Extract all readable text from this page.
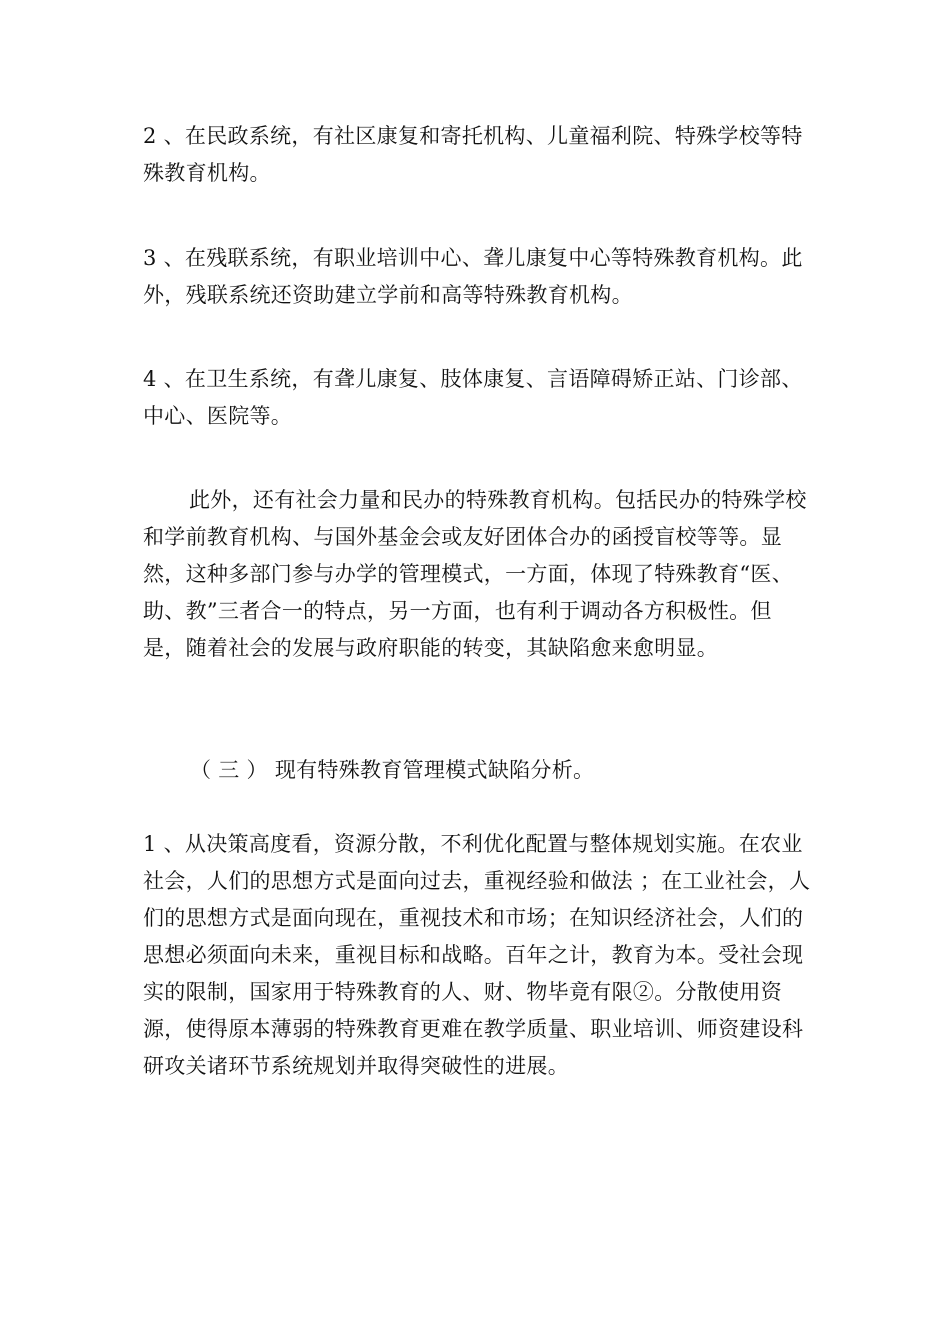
2 、在民政系统，有社区康复和寄托机构、儿童福利院、特殊学校等特殊教育机构。

3 、在残联系统，有职业培训中心、聋儿康复中心等特殊教育机构。此外，残联系统还资助建立学前和高等特殊教育机构。

4 、在卫生系统，有聋儿康复、肢体康复、言语障碍矫正站、门诊部、中心、医院等。

此外，还有社会力量和民办的特殊教育机构。包括民办的特殊学校和学前教育机构、与国外基金会或友好团体合办的函授盲校等等。显然，这种多部门参与办学的管理模式，一方面，体现了特殊教育“医、助、教”三者合一的特点，另一方面，也有利于调动各方积极性。但是，随着社会的发展与政府职能的转变，其缺陷愈来愈明显。

（ 三 ） 现有特殊教育管理模式缺陷分析。

1 、从决策高度看，资源分散，不利优化配置与整体规划实施。在农业社会，人们的思想方式是面向过去，重视经验和做法 ；在工业社会，人们的思想方式是面向现在，重视技术和市场；在知识经济社会，人们的思想必须面向未来，重视目标和战略。百年之计，教育为本。受社会现实的限制，国家用于特殊教育的人、财、物毕竟有限②。分散使用资源，使得原本薄弱的特殊教育更难在教学质量、职业培训、师资建设科研攻关诸环节系统规划并取得突破性的进展。
